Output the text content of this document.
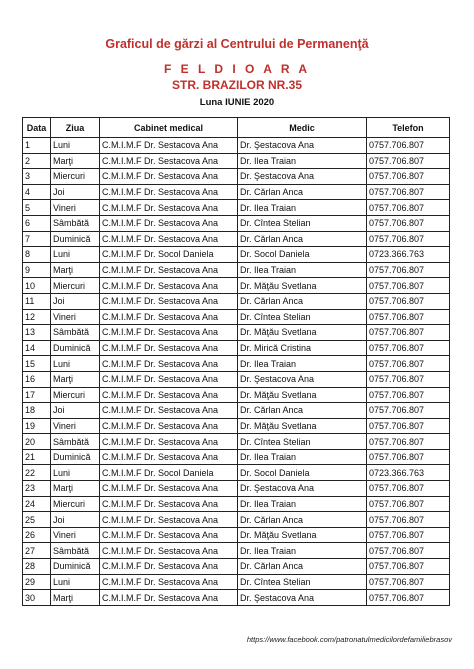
Graficul de gărzi al Centrului de Permanenţă
F E L D I O A R A
STR. BRAZILOR NR.35
Luna IUNIE 2020
Data	Ziua	Cabinet medical	Medic	Telefon
1	Luni	C.M.I.M.F Dr. Sestacova Ana	Dr. Şestacova Ana	0757.706.807
2	Marţi	C.M.I.M.F Dr. Sestacova Ana	Dr. Ilea Traian	0757.706.807
3	Miercuri	C.M.I.M.F Dr. Sestacova Ana	Dr. Şestacova Ana	0757.706.807
4	Joi	C.M.I.M.F Dr. Sestacova Ana	Dr. Cărlan Anca	0757.706.807
5	Vineri	C.M.I.M.F Dr. Sestacova Ana	Dr. Ilea Traian	0757.706.807
6	Sâmbătă	C.M.I.M.F Dr. Sestacova Ana	Dr. Cîntea Stelian	0757.706.807
7	Duminică	C.M.I.M.F Dr. Sestacova Ana	Dr. Cărlan Anca	0757.706.807
8	Luni	C.M.I.M.F Dr. Socol Daniela	Dr. Socol Daniela	0723.366.763
9	Marţi	C.M.I.M.F Dr. Sestacova Ana	Dr. Ilea Traian	0757.706.807
10	Miercuri	C.M.I.M.F Dr. Sestacova Ana	Dr. Măţău Svetlana	0757.706.807
11	Joi	C.M.I.M.F Dr. Sestacova Ana	Dr. Cărlan Anca	0757.706.807
12	Vineri	C.M.I.M.F Dr. Sestacova Ana	Dr. Cîntea Stelian	0757.706.807
13	Sâmbătă	C.M.I.M.F Dr. Sestacova Ana	Dr. Măţău Svetlana	0757.706.807
14	Duminică	C.M.I.M.F Dr. Sestacova Ana	Dr. Mirică Cristina	0757.706.807
15	Luni	C.M.I.M.F Dr. Sestacova Ana	Dr. Ilea Traian	0757.706.807
16	Marţi	C.M.I.M.F Dr. Sestacova Ana	Dr. Şestacova Ana	0757.706.807
17	Miercuri	C.M.I.M.F Dr. Sestacova Ana	Dr. Măţău Svetlana	0757.706.807
18	Joi	C.M.I.M.F Dr. Sestacova Ana	Dr. Cărlan Anca	0757.706.807
19	Vineri	C.M.I.M.F Dr. Sestacova Ana	Dr. Măţău Svetlana	0757.706.807
20	Sâmbătă	C.M.I.M.F Dr. Sestacova Ana	Dr. Cîntea Stelian	0757.706.807
21	Duminică	C.M.I.M.F Dr. Sestacova Ana	Dr. Ilea Traian	0757.706.807
22	Luni	C.M.I.M.F Dr. Socol Daniela	Dr. Socol Daniela	0723.366.763
23	Marţi	C.M.I.M.F Dr. Sestacova Ana	Dr. Şestacova Ana	0757.706.807
24	Miercuri	C.M.I.M.F Dr. Sestacova Ana	Dr. Ilea Traian	0757.706.807
25	Joi	C.M.I.M.F Dr. Sestacova Ana	Dr. Cărlan Anca	0757.706.807
26	Vineri	C.M.I.M.F Dr. Sestacova Ana	Dr. Măţău Svetlana	0757.706.807
27	Sâmbătă	C.M.I.M.F Dr. Sestacova Ana	Dr. Ilea Traian	0757.706.807
28	Duminică	C.M.I.M.F Dr. Sestacova Ana	Dr. Cărlan Anca	0757.706.807
29	Luni	C.M.I.M.F Dr. Sestacova Ana	Dr. Cîntea Stelian	0757.706.807
30	Marţi	C.M.I.M.F Dr. Sestacova Ana	Dr. Şestacova Ana	0757.706.807
https://www.facebook.com/patronatulmedicilordefamiliebrasov
